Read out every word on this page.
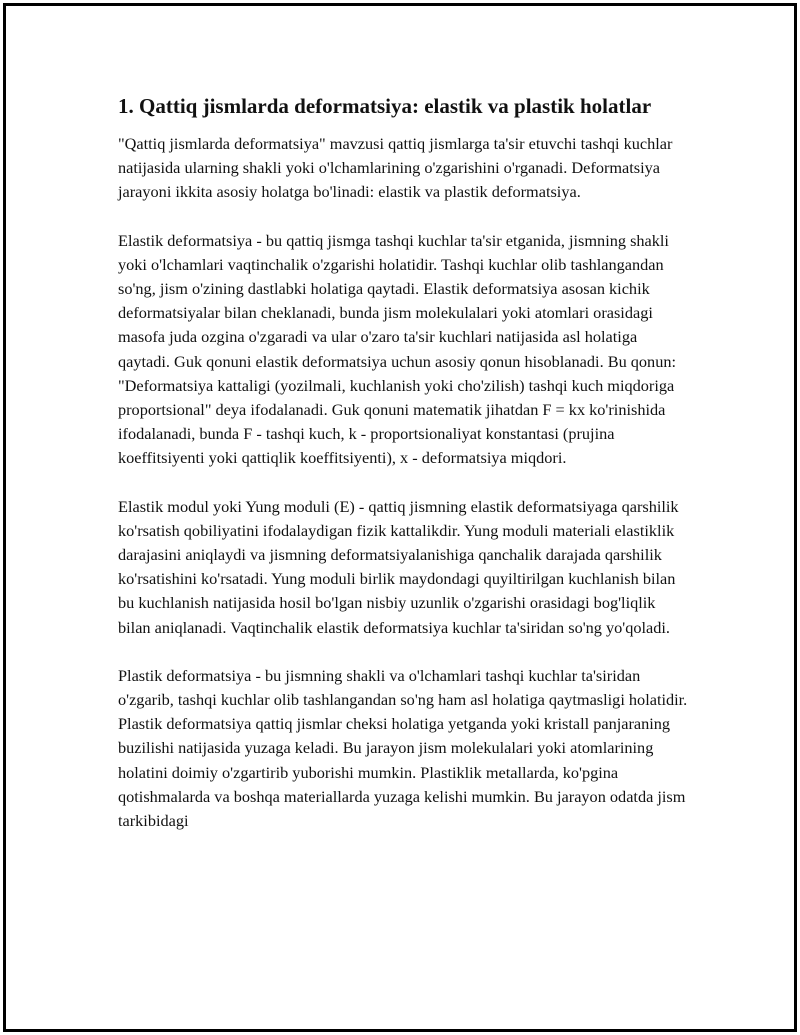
1. Qattiq jismlarda deformatsiya: elastik va plastik holatlar

"Qattiq jismlarda deformatsiya" mavzusi qattiq jismlarga ta'sir etuvchi tashqi kuchlar natijasida ularning shakli yoki o'lchamlarining o'zgarishini o'rganadi. Deformatsiya jarayoni ikkita asosiy holatga bo'linadi: elastik va plastik deformatsiya.

Elastik deformatsiya - bu qattiq jismga tashqi kuchlar ta'sir etganida, jismning shakli yoki o'lchamlari vaqtinchalik o'zgarishi holatidir. Tashqi kuchlar olib tashlangandan so'ng, jism o'zining dastlabki holatiga qaytadi. Elastik deformatsiya asosan kichik deformatsiyalar bilan cheklanadi, bunda jism molekulalari yoki atomlari orasidagi masofa juda ozgina o'zgaradi va ular o'zaro ta'sir kuchlari natijasida asl holatiga qaytadi. Guk qonuni elastik deformatsiya uchun asosiy qonun hisoblanadi. Bu qonun: "Deformatsiya kattaligi (yozilmali, kuchlanish yoki cho'zilish) tashqi kuch miqdoriga proportsional" deya ifodalanadi. Guk qonuni matematik jihatdan F = kx ko'rinishida ifodalanadi, bunda F - tashqi kuch, k - proportsionaliyat konstantasi (prujina koeffitsiyenti yoki qattiqlik koeffitsiyenti), x - deformatsiya miqdori.

Elastik modul yoki Yung moduli (E) - qattiq jismning elastik deformatsiyaga qarshilik ko'rsatish qobiliyatini ifodalaydigan fizik kattalikdir. Yung moduli materiali elastiklik darajasini aniqlaydi va jismning deformatsiyalanishiga qanchalik darajada qarshilik ko'rsatishini ko'rsatadi. Yung moduli birlik maydondagi quyiltirilgan kuchlanish bilan bu kuchlanish natijasida hosil bo'lgan nisbiy uzunlik o'zgarishi orasidagi bog'liqlik bilan aniqlanadi. Vaqtinchalik elastik deformatsiya kuchlar ta'siridan so'ng yo'qoladi.

Plastik deformatsiya - bu jismning shakli va o'lchamlari tashqi kuchlar ta'siridan o'zgarib, tashqi kuchlar olib tashlangandan so'ng ham asl holatiga qaytmasligi holatidir. Plastik deformatsiya qattiq jismlar cheksi holatiga yetganda yoki kristall panjaraning buzilishi natijasida yuzaga keladi. Bu jarayon jism molekulalari yoki atomlarining holatini doimiy o'zgartirib yuborishi mumkin. Plastiklik metallarda, ko'pgina qotishmalarda va boshqa materiallarda yuzaga kelishi mumkin. Bu jarayon odatda jism tarkibidagi
